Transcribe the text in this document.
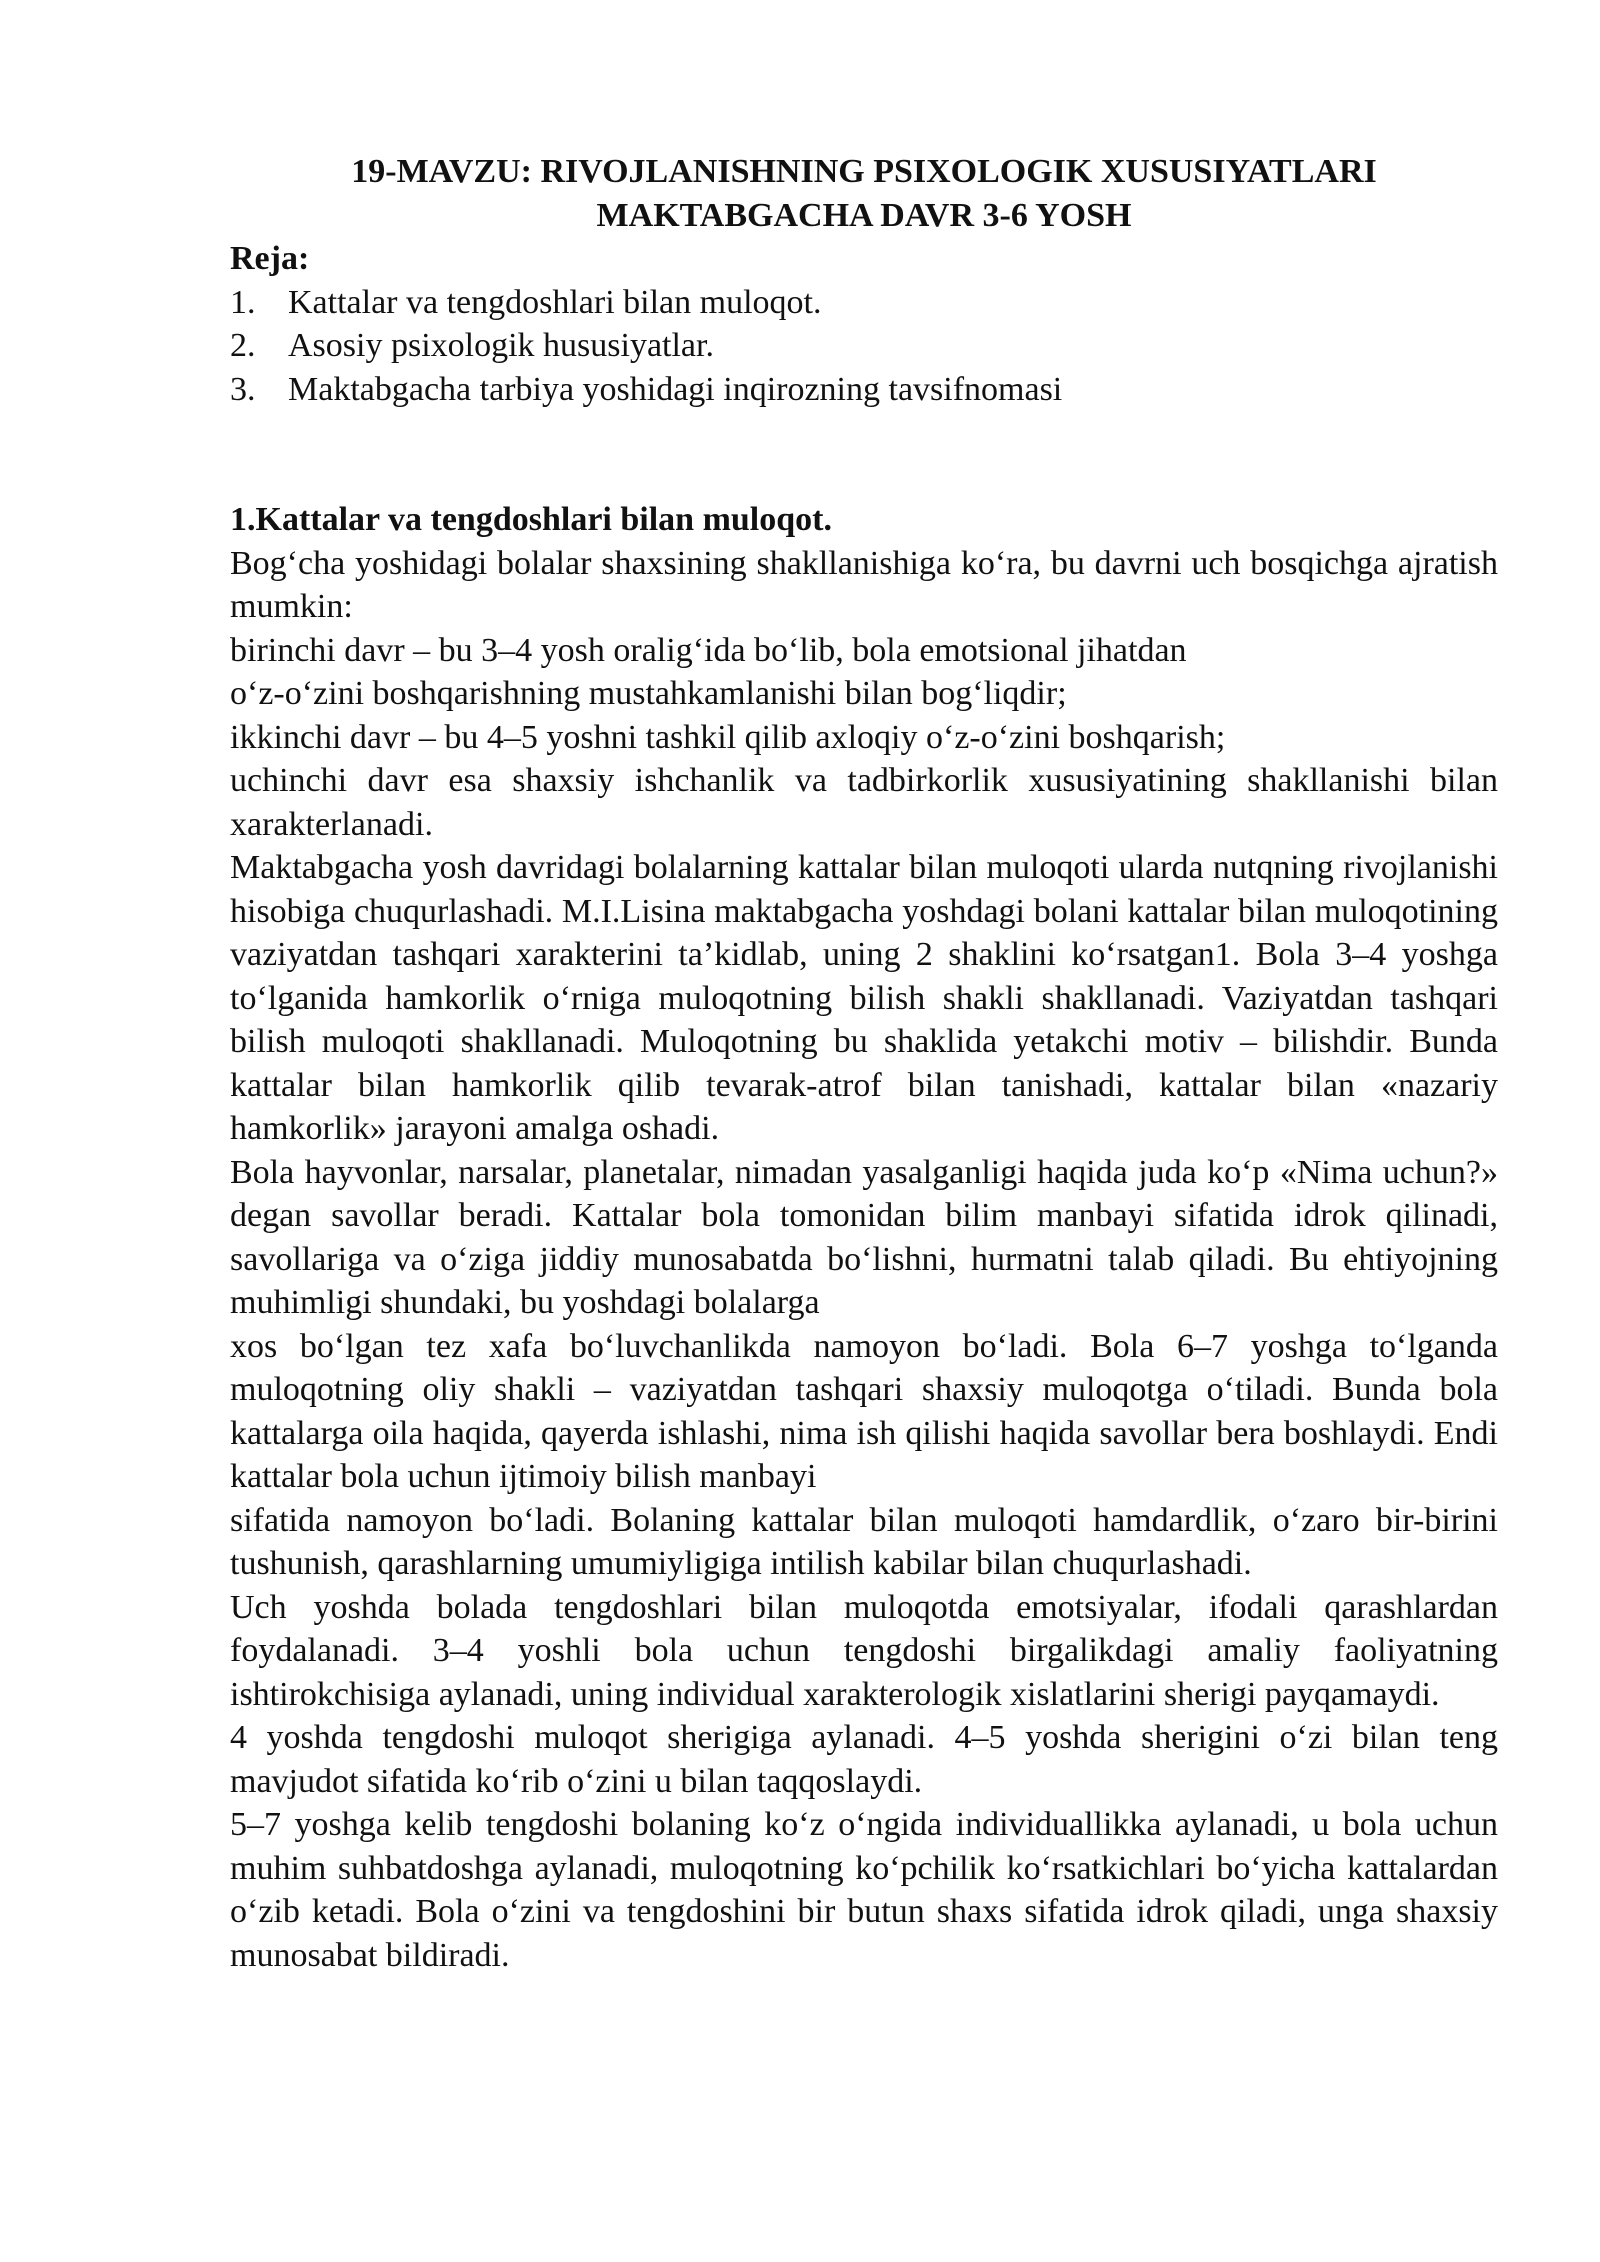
19-MAVZU: RIVOJLANISHNING PSIXOLOGIK XUSUSIYATLARI
MAKTABGACHA DAVR 3-6 YOSH
Reja:
1. Kattalar va tengdoshlari bilan muloqot.
2. Asosiy psixologik hususiyatlar.
3. Maktabgacha tarbiya yoshidagi inqirozning tavsifnomasi
1.Kattalar va tengdoshlari bilan muloqot.

Bog‘cha yoshidagi bolalar shaxsining shakllanishiga ko‘ra, bu davrni uch bosqichga ajratish mumkin:

birinchi davr – bu 3–4 yosh oralig‘ida bo‘lib, bola emotsional jihatdan

o‘z-o‘zini boshqarishning mustahkamlanishi bilan bog‘liqdir;

ikkinchi davr – bu 4–5 yoshni tashkil qilib axloqiy o‘z-o‘zini boshqarish;

uchinchi davr esa shaxsiy ishchanlik va tadbirkorlik xususiyatining shakllanishi bilan xarakterlanadi.

Maktabgacha yosh davridagi bolalarning kattalar bilan muloqoti ularda nutqning rivojlanishi hisobiga chuqurlashadi. M.I.Lisina maktabgacha yoshdagi bolani kattalar bilan muloqotining vaziyatdan tashqari xarakterini ta’kidlab, uning 2 shaklini ko‘rsatgan1. Bola 3–4 yoshga to‘lganida hamkorlik o‘rniga muloqotning bilish shakli shakllanadi. Vaziyatdan tashqari bilish muloqoti shakllanadi. Muloqotning bu shaklida yetakchi motiv – bilishdir. Bunda kattalar bilan hamkorlik qilib tevarak-atrof bilan tanishadi, kattalar bilan «nazariy hamkorlik» jarayoni amalga oshadi.

Bola hayvonlar, narsalar, planetalar, nimadan yasalganligi haqida juda ko‘p «Nima uchun?» degan savollar beradi. Kattalar bola tomonidan bilim manbayi sifatida idrok qilinadi, savollariga va o‘ziga jiddiy munosabatda bo‘lishni, hurmatni talab qiladi. Bu ehtiyojning muhimligi shundaki, bu yoshdagi bolalarga

xos bo‘lgan tez xafa bo‘luvchanlikda namoyon bo‘ladi. Bola 6–7 yoshga to‘lganda muloqotning oliy shakli – vaziyatdan tashqari shaxsiy muloqotga o‘tiladi. Bunda bola kattalarga oila haqida, qayerda ishlashi, nima ish qilishi haqida savollar bera boshlaydi. Endi kattalar bola uchun ijtimoiy bilish manbayi

sifatida namoyon bo‘ladi. Bolaning kattalar bilan muloqoti hamdardlik, o‘zaro bir-birini tushunish, qarashlarning umumiyligiga intilish kabilar bilan chuqurlashadi.

Uch yoshda bolada tengdoshlari bilan muloqotda emotsiyalar, ifodali qarashlardan foydalanadi. 3–4 yoshli bola uchun tengdoshi birgalikdagi amaliy faoliyatning ishtirokchisiga aylanadi, uning individual xarakterologik xislatlarini sherigi payqamaydi.

4 yoshda tengdoshi muloqot sherigiga aylanadi. 4–5 yoshda sherigini o‘zi bilan teng mavjudot sifatida ko‘rib o‘zini u bilan taqqoslaydi.

5–7 yoshga kelib tengdoshi bolaning ko‘z o‘ngida individuallikka aylanadi, u bola uchun muhim suhbatdoshga aylanadi, muloqotning ko‘pchilik ko‘rsatkichlari bo‘yicha kattalardan o‘zib ketadi. Bola o‘zini va tengdoshini bir butun shaxs sifatida idrok qiladi, unga shaxsiy munosabat bildiradi.
